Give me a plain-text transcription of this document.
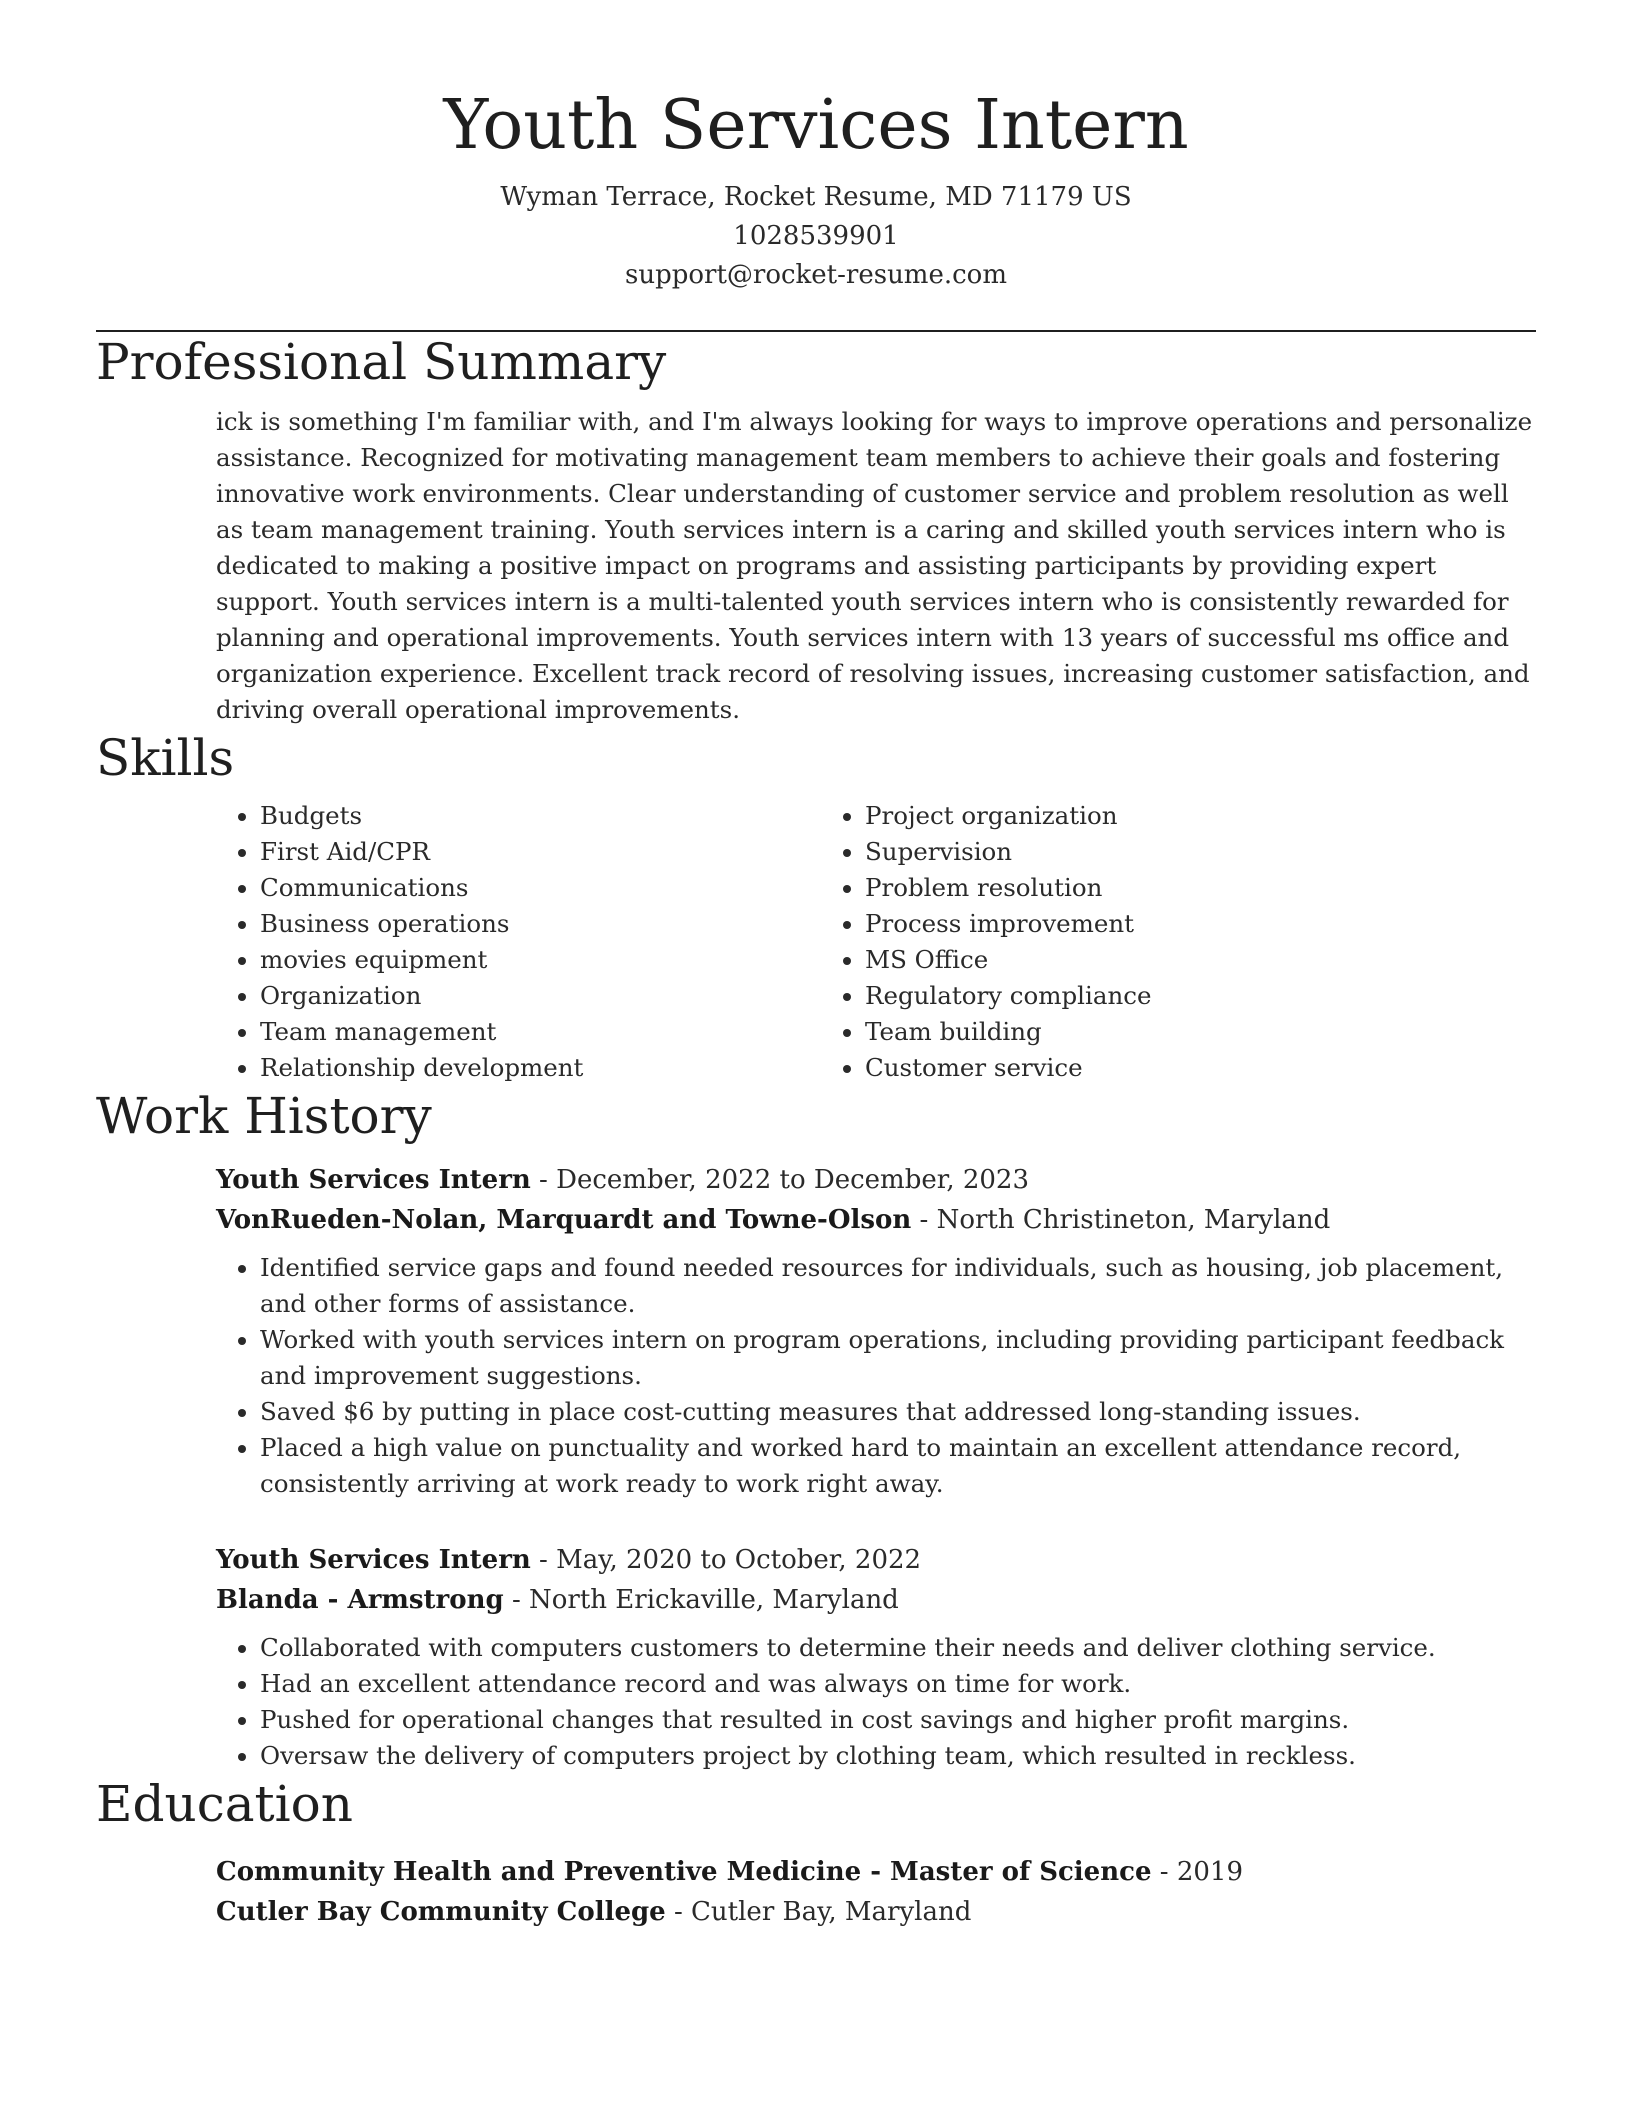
Youth Services Intern
Wyman Terrace, Rocket Resume, MD 71179 US
1028539901
support@rocket-resume.com
Professional Summary
ick is something I'm familiar with, and I'm always looking for ways to improve operations and personalize assistance. Recognized for motivating management team members to achieve their goals and fostering innovative work environments. Clear understanding of customer service and problem resolution as well as team management training. Youth services intern is a caring and skilled youth services intern who is dedicated to making a positive impact on programs and assisting participants by providing expert support. Youth services intern is a multi-talented youth services intern who is consistently rewarded for planning and operational improvements. Youth services intern with 13 years of successful ms office and organization experience. Excellent track record of resolving issues, increasing customer satisfaction, and driving overall operational improvements.
Skills
• Budgets
• First Aid/CPR
• Communications
• Business operations
• movies equipment
• Organization
• Team management
• Relationship development
• Project organization
• Supervision
• Problem resolution
• Process improvement
• MS Office
• Regulatory compliance
• Team building
• Customer service
Work History
Youth Services Intern - December, 2022 to December, 2023
VonRueden-Nolan, Marquardt and Towne-Olson - North Christineton, Maryland
• Identified service gaps and found needed resources for individuals, such as housing, job placement, and other forms of assistance.
• Worked with youth services intern on program operations, including providing participant feedback and improvement suggestions.
• Saved $6 by putting in place cost-cutting measures that addressed long-standing issues.
• Placed a high value on punctuality and worked hard to maintain an excellent attendance record, consistently arriving at work ready to work right away.
Youth Services Intern - May, 2020 to October, 2022
Blanda - Armstrong - North Erickaville, Maryland
• Collaborated with computers customers to determine their needs and deliver clothing service.
• Had an excellent attendance record and was always on time for work.
• Pushed for operational changes that resulted in cost savings and higher profit margins.
• Oversaw the delivery of computers project by clothing team, which resulted in reckless.
Education
Community Health and Preventive Medicine - Master of Science - 2019
Cutler Bay Community College - Cutler Bay, Maryland
